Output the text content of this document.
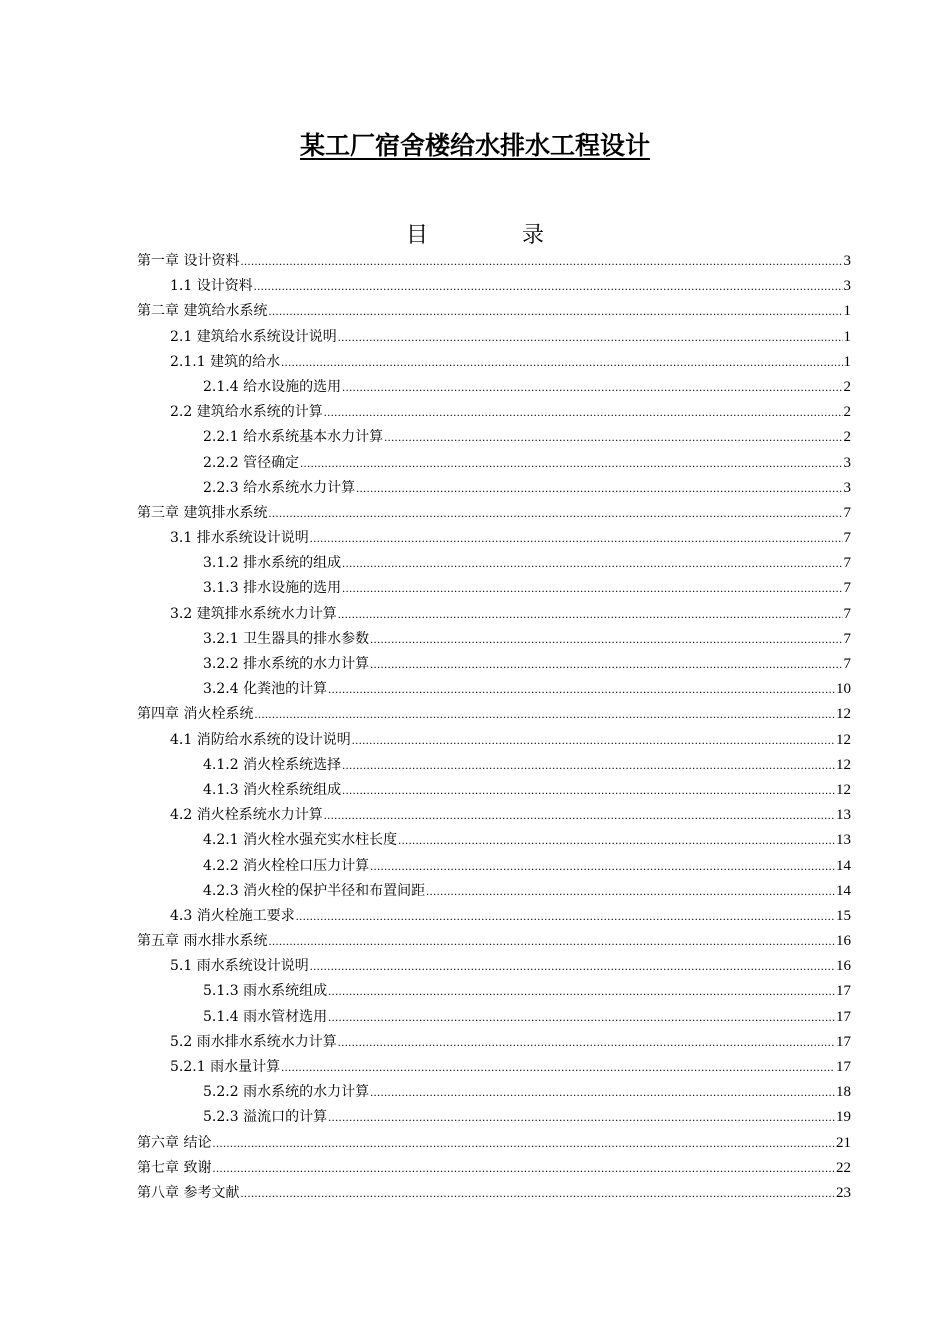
某工厂宿舍楼给水排水工程设计
目　录
第一章 设计资料 .....	3
1.1 设计资料 .....	3
第二章 建筑给水系统 .....	1
2.1 建筑给水系统设计说明 .....	1
2.1.1 建筑的给水 .....	1
2.1.4 给水设施的选用 .....	2
2.2 建筑给水系统的计算 .....	2
2.2.1 给水系统基本水力计算 .....	2
2.2.2 管径确定 .....	3
2.2.3 给水系统水力计算 .....	3
第三章 建筑排水系统 .....	7
3.1 排水系统设计说明 .....	7
3.1.2 排水系统的组成 .....	7
3.1.3 排水设施的选用 .....	7
3.2 建筑排水系统水力计算 .....	7
3.2.1 卫生器具的排水参数 .....	7
3.2.2 排水系统的水力计算 .....	7
3.2.4 化粪池的计算 .....	10
第四章 消火栓系统 .....	12
4.1 消防给水系统的设计说明 .....	12
4.1.2 消火栓系统选择 .....	12
4.1.3 消火栓系统组成 .....	12
4.2 消火栓系统水力计算 .....	13
4.2.1 消火栓水强充实水柱长度 .....	13
4.2.2 消火栓栓口压力计算 .....	14
4.2.3 消火栓的保护半径和布置间距 .....	14
4.3 消火栓施工要求 .....	15
第五章 雨水排水系统 .....	16
5.1 雨水系统设计说明 .....	16
5.1.3 雨水系统组成 .....	17
5.1.4 雨水管材选用 .....	17
5.2 雨水排水系统水力计算 .....	17
5.2.1 雨水量计算 .....	17
5.2.2 雨水系统的水力计算 .....	18
5.2.3 溢流口的计算 .....	19
第六章 结论 .....	21
第七章 致谢 .....	22
第八章 参考文献 .....	23
